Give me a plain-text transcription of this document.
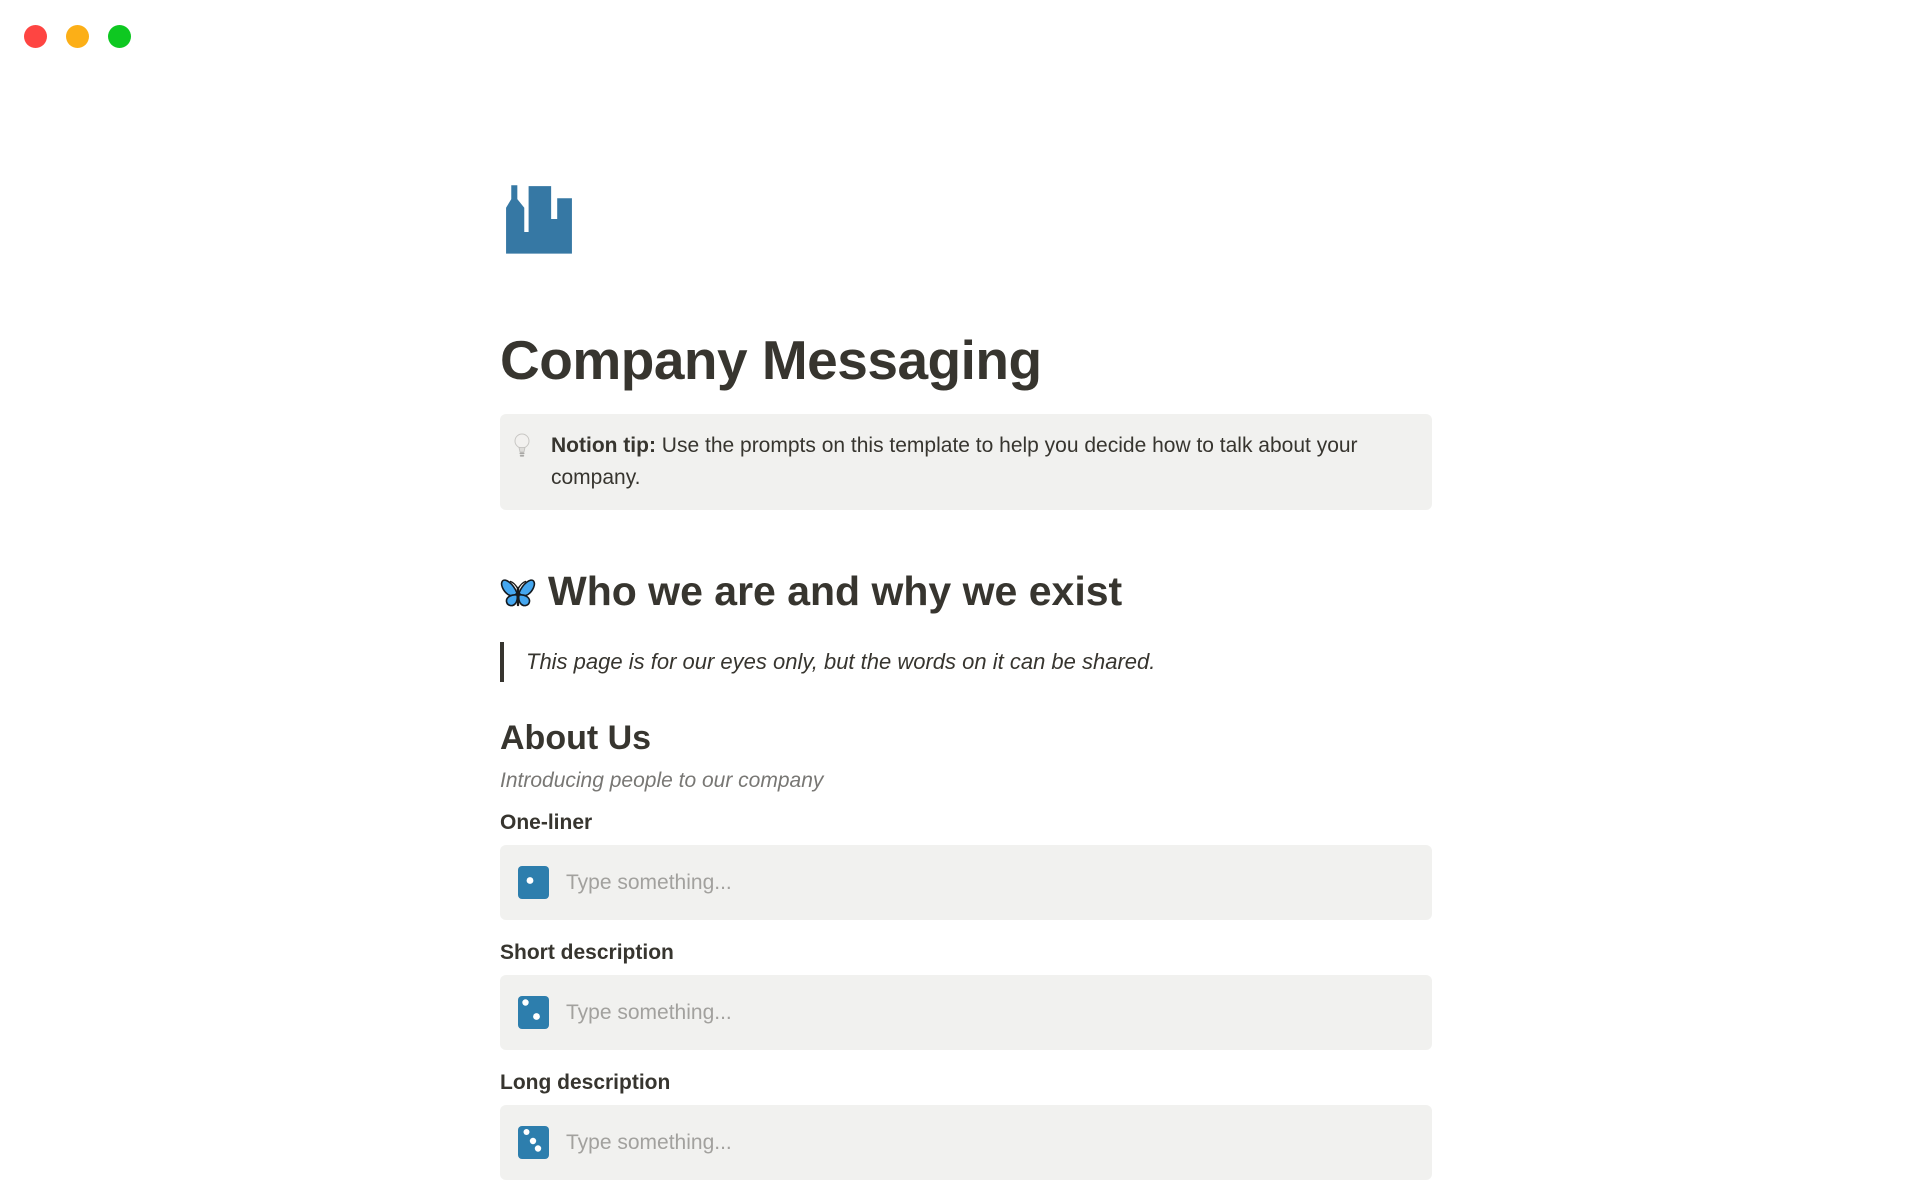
Company Messaging

Notion tip: Use the prompts on this template to help you decide how to talk about your company.

Who we are and why we exist
This page is for our eyes only, but the words on it can be shared.
About Us

Introducing people to our company

One-liner

Type something...

Short description

Type something...

Long description

Type something...
